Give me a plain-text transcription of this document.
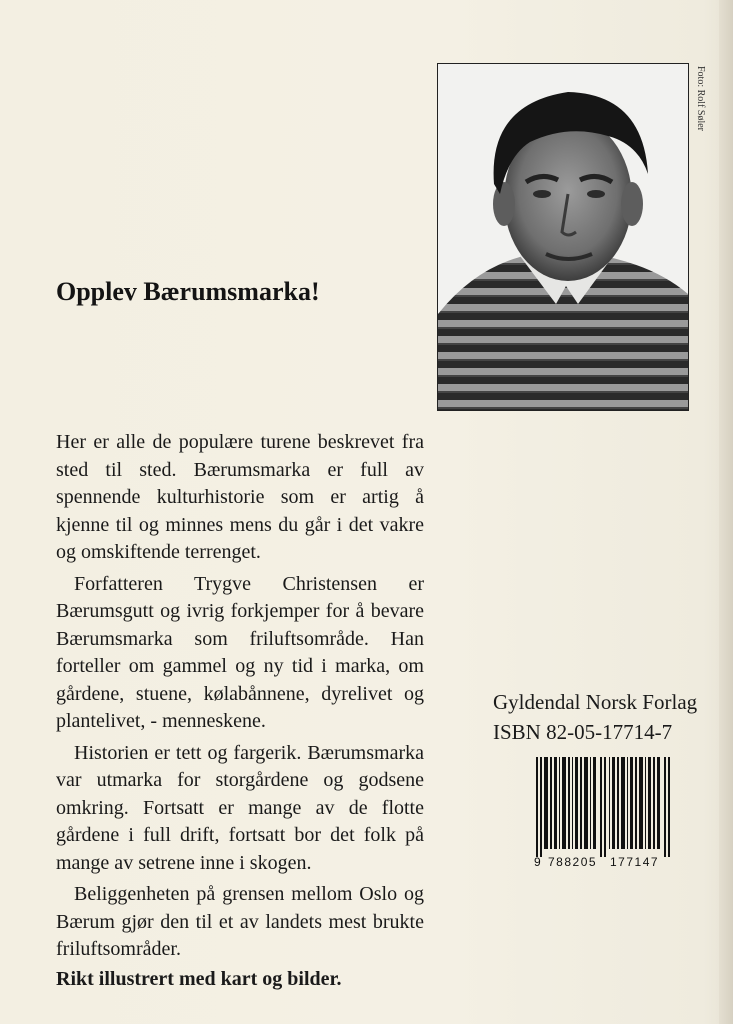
Foto: Rolf Søler
Opplev Bærumsmarka!

Her er alle de populære turene beskrevet fra sted til sted. Bærumsmarka er full av spennende kulturhistorie som er artig å kjenne til og minnes mens du går i det vakre og omskiftende terrenget.

Forfatteren Trygve Christensen er Bærumsgutt og ivrig forkjemper for å bevare Bærumsmarka som friluftsområde. Han forteller om gammel og ny tid i marka, om gårdene, stuene, kølabånnene, dyrelivet og plantelivet, - menneskene.

Historien er tett og fargerik. Bærumsmarka var utmarka for storgårdene og godsene omkring. Fortsatt er mange av de flotte gårdene i full drift, fortsatt bor det folk på mange av setrene inne i skogen.

Beliggenheten på grensen mellom Oslo og Bærum gjør den til et av landets mest brukte friluftsområder.

Rikt illustrert med kart og bilder.

Gyldendal Norsk Forlag
ISBN 82-05-17714-7
9 788205 177147
